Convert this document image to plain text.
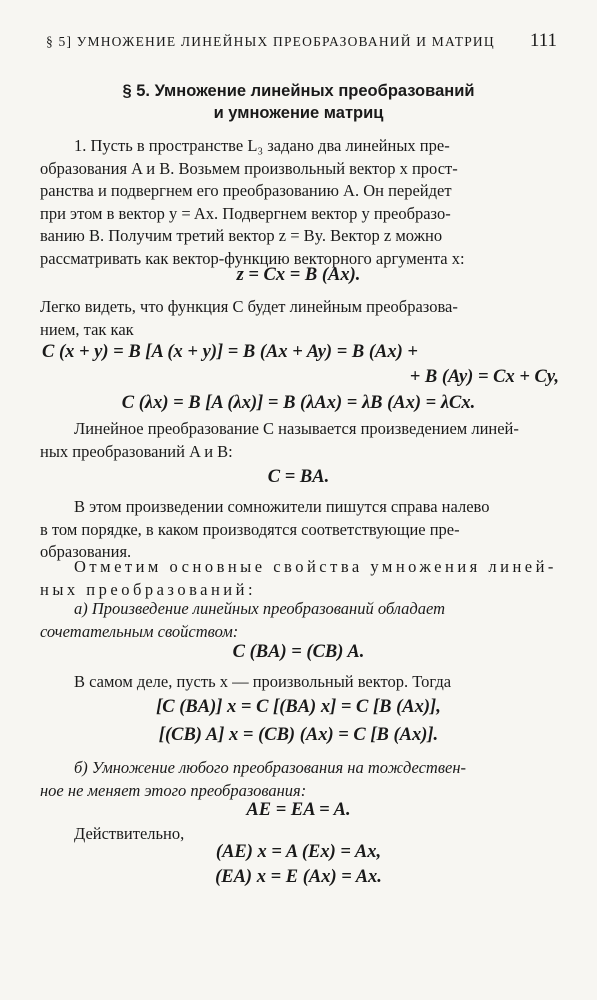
§ 5] УМНОЖЕНИЕ ЛИНЕЙНЫХ ПРЕОБРАЗОВАНИЙ И МАТРИЦ 111
§ 5. Умножение линейных преобразований
и умножение матриц
1. Пусть в пространстве L₃ задано два линейных пре-
образования A и B. Возьмем произвольный вектор x прост-
ранства и подвергнем его преобразованию A. Он перейдет
при этом в вектор y = Ax. Подвергнем вектор y преобразо-
ванию B. Получим третий вектор z = By. Вектор z можно
рассматривать как вектор-функцию векторного аргумента x:
z = Cx = B (Ax).
Легко видеть, что функция C будет линейным преобразова-
нием, так как
C (x + y) = B [A (x + y)] = B (Ax + Ay) = B (Ax) +
+ B (Ay) = Cx + Cy,
C (λx) = B [A (λx)] = B (λAx) = λB (Ax) = λCx.
Линейное преобразование C называется произведением линей-
ных преобразований A и B:
C = BA.
В этом произведении сомножители пишутся справа налево
в том порядке, в каком производятся соответствующие пре-
образования.
Отметим основные свойства умножения линей-
ных преобразований:
а) Произведение линейных преобразований обладает
сочетательным свойством:
C (BA) = (CB) A.
В самом деле, пусть x — произвольный вектор. Тогда
[C (BA)] x = C [(BA) x] = C [B (Ax)],
[(CB) A] x = (CB) (Ax) = C [B (Ax)].
б) Умножение любого преобразования на тождествен-
ное не меняет этого преобразования:
AE = EA = A.
Действительно,
(AE) x = A (Ex) = Ax,
(EA) x = E (Ax) = Ax.
